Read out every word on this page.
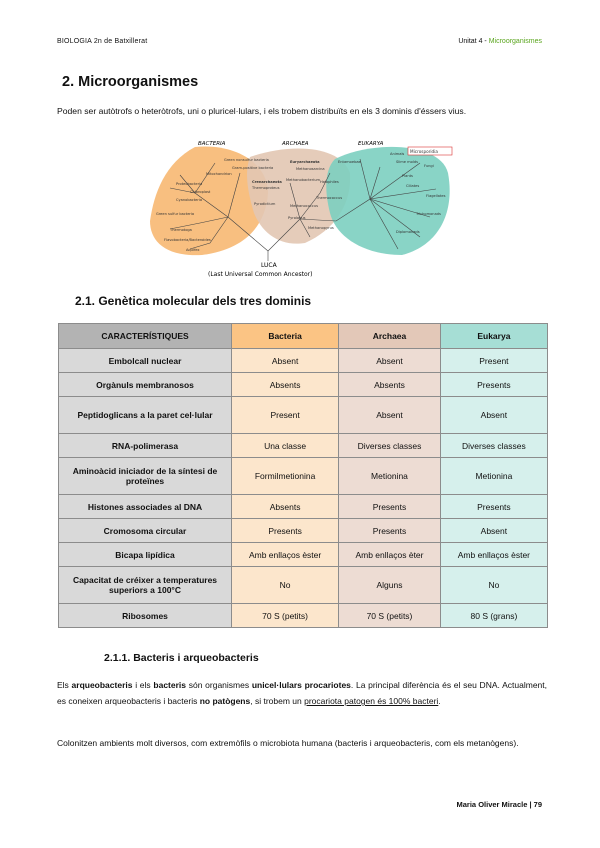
BIOLOGIA 2n de Batxillerat	Unitat 4 - Microorganismes
2. Microorganismes
Poden ser autòtrofs o heteròtrofs, uni o pluricel·lulars, i els trobem distribuïts en els 3 dominis d'éssers vius.
BACTERIA	ARCHAEA	EUKARYA
Microsporidia
Green nonsulfur bacteria
Mitochondrion
Gram-positive bacteria
Proteobacteria
Chloroplast
Cyanobacteria
Green sulfur bacteria
Thermotoga
Flavobacteria/Bacteroides
Aquifex
Euryarchaeota
Methanosarcina
Crenarchaeota
Thermoproteus
Methanobacterium Halophiles
Pyrodictium	Methanococcus
Thermococcus
Pyrolobus
Methanopyrus
Animals
Slime molds
Fungi
Entamoebae
Plants
Ciliates
Flagellates
Trichomonads
Diplomonads
LUCA
(Last Universal Common Ancestor)
2.1. Genètica molecular dels tres dominis
CARACTERÍSTIQUES	Bacteria	Archaea	Eukarya
Embolcall nuclear	Absent	Absent	Present
Orgànuls membranosos	Absents	Absents	Presents
Peptidoglicans a la paret cel·lular	Present	Absent	Absent
RNA-polimerasa	Una classe	Diverses classes	Diverses classes
Aminoàcid iniciador de la síntesi de proteïnes	Formilmetionina	Metionina	Metionina
Histones associades al DNA	Absents	Presents	Presents
Cromosoma circular	Presents	Presents	Absent
Bicapa lipídica	Amb enllaços èster	Amb enllaços èter	Amb enllaços èster
Capacitat de créixer a temperatures superiors a 100°C	No	Alguns	No
Ribosomes	70 S (petits)	70 S (petits)	80 S (grans)
2.1.1. Bacteris i arqueobacteris
Els arqueobacteris i els bacteris són organismes unicel·lulars procariotes. La principal diferència és el seu DNA. Actualment, es coneixen arqueobacteris i bacteris no patògens, si trobem un procariota patogen és 100% bacteri.
Colonitzen ambients molt diversos, com extremòfils o microbiota humana (bacteris i arqueobacteris, com els metanògens).
Maria Oliver Miracle | 79
